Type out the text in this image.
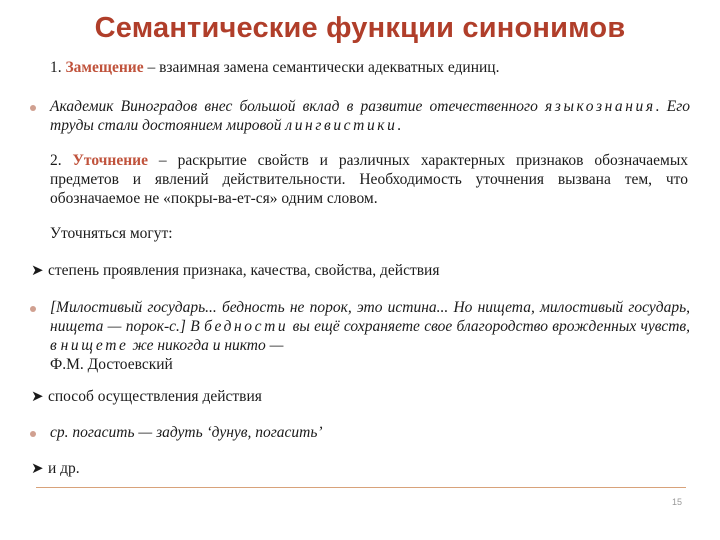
Семантические функции синонимов
1. Замещение – взаимная замена семантически адекватных единиц.
Академик Виноградов внес большой вклад в развитие отечественного языкознания. Его труды стали достоянием мировой лингвистики.
2. Уточнение – раскрытие свойств и различных характерных признаков обозначаемых предметов и явлений действительности. Необходимость уточнения вызвана тем, что обозначаемое не «покры-ва-ет-ся» одним словом.
Уточняться могут:
➤ степень проявления признака, качества, свойства, действия
[Милостивый государь... бедность не порок, это истина... Но нищета, милостивый государь, нищета — порок-с.] В бедности вы ещё сохраняете свое благородство врожденных чувств, в нищете же никогда и никто —
Ф.М. Достоевский
➤ способ осуществления действия
ср. погасить — задуть ‘дунув, погасить’
➤ и др.
15
